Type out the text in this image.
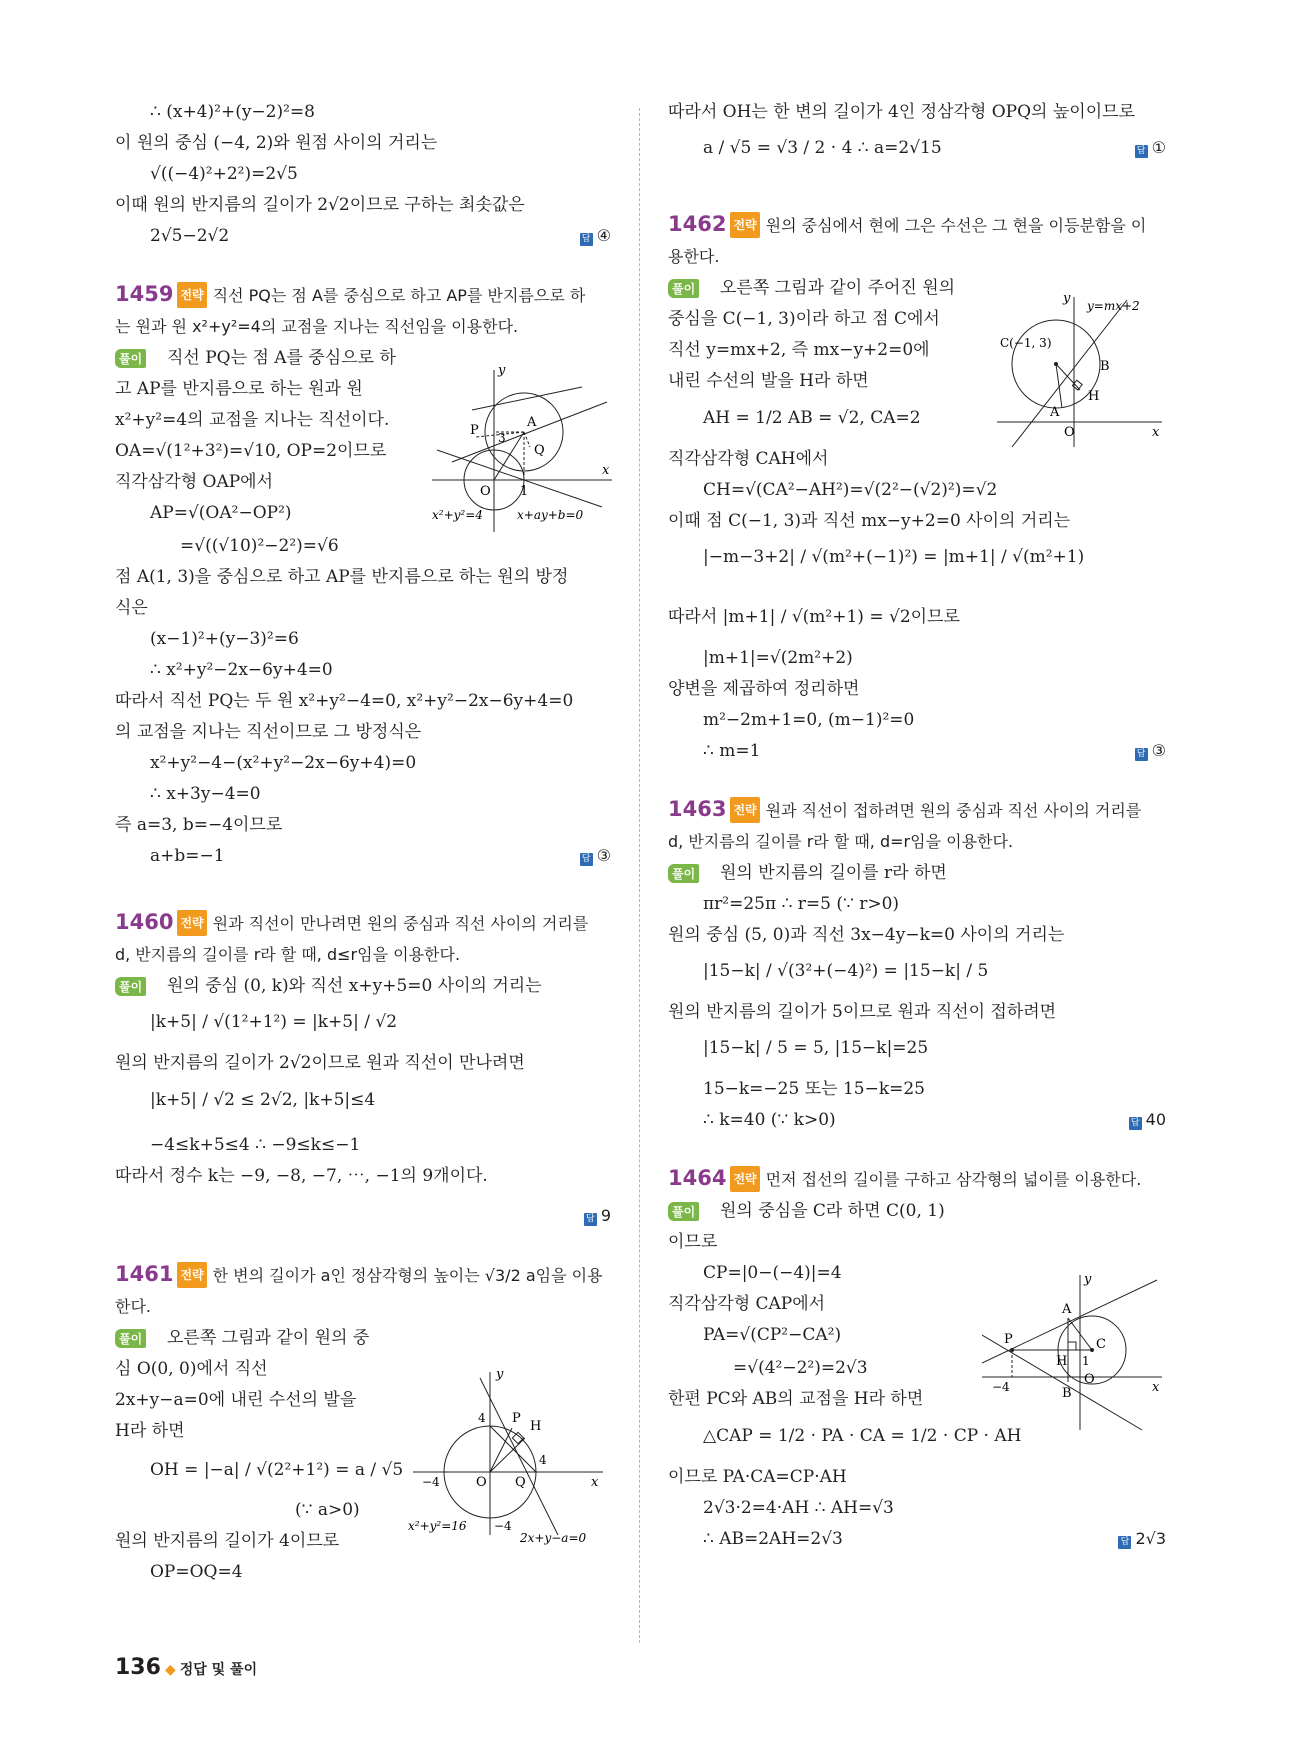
∴ (x+4)²+(y−2)²=8
이 원의 중심 (−4, 2)와 원점 사이의 거리는
√((−4)²+2²)=2√5
이때 원의 반지름의 길이가 2√2이므로 구하는 최솟값은
2√5−2√2
는 원과 원 x²+y²=4의 교점을 지나는 직선임을 이용한다.
직선 PQ는 점 A를 중심으로 하
고 AP를 반지름으로 하는 원과 원
x²+y²=4의 교점을 지나는 직선이다.
OA=√(1²+3²)=√10, OP=2이므로
직각삼각형 OAP에서
AP=√(OA²−OP²)
=√((√10)²−2²)=√6
점 A(1, 3)을 중심으로 하고 AP를 반지름으로 하는 원의 방정
식은
(x−1)²+(y−3)²=6
∴ x²+y²−2x−6y+4=0
따라서 직선 PQ는 두 원 x²+y²−4=0, x²+y²−2x−6y+4=0
의 교점을 지나는 직선이므로 그 방정식은
x²+y²−4−(x²+y²−2x−6y+4)=0
∴ x+3y−4=0
즉 a=3, b=−4이므로
a+b=−1
d, 반지름의 길이를 r라 할 때, d≤r임을 이용한다.
원의 중심 (0, k)와 직선 x+y+5=0 사이의 거리는
|k+5| / √(1²+1²) = |k+5| / √2
원의 반지름의 길이가 2√2이므로 원과 직선이 만나려면
|k+5| / √2 ≤ 2√2, |k+5|≤4
−4≤k+5≤4 ∴ −9≤k≤−1
따라서 정수 k는 −9, −8, −7, ⋯, −1의 9개이다.
한다.
오른쪽 그림과 같이 원의 중
심 O(0, 0)에서 직선
2x+y−a=0에 내린 수선의 발을
H라 하면
OH = |−a| / √(2²+1²) = a / √5
(∵ a>0)
원의 반지름의 길이가 4이므로
OP=OQ=4
1459 전략 직선 PQ는 점 A를 중심으로 하고 AP를 반지름으로 하
풀이
답 ④
1460 전략 원과 직선이 만나려면 원의 중심과 직선 사이의 거리를
풀이
답 ③
1461 전략 한 변의 길이가 a인 정삼각형의 높이는 √3/2 a임을 이용
풀이
답 9
따라서 OH는 한 변의 길이가 4인 정삼각형 OPQ의 높이이므로
a / √5 = √3 / 2 · 4 ∴ a=2√15
용한다.
오른쪽 그림과 같이 주어진 원의
중심을 C(−1, 3)이라 하고 점 C에서
직선 y=mx+2, 즉 mx−y+2=0에
내린 수선의 발을 H라 하면
AH = 1/2 AB = √2, CA=2
직각삼각형 CAH에서
CH=√(CA²−AH²)=√(2²−(√2)²)=√2
이때 점 C(−1, 3)과 직선 mx−y+2=0 사이의 거리는
|−m−3+2| / √(m²+(−1)²) = |m+1| / √(m²+1)
따라서 |m+1| / √(m²+1) = √2이므로
|m+1|=√(2m²+2)
양변을 제곱하여 정리하면
m²−2m+1=0, (m−1)²=0
∴ m=1
d, 반지름의 길이를 r라 할 때, d=r임을 이용한다.
원의 반지름의 길이를 r라 하면
πr²=25π ∴ r=5 (∵ r>0)
원의 중심 (5, 0)과 직선 3x−4y−k=0 사이의 거리는
|15−k| / √(3²+(−4)²) = |15−k| / 5
원의 반지름의 길이가 5이므로 원과 직선이 접하려면
|15−k| / 5 = 5, |15−k|=25
15−k=−25 또는 15−k=25
∴ k=40 (∵ k>0)
원의 중심을 C라 하면 C(0, 1)
이므로
CP=|0−(−4)|=4
직각삼각형 CAP에서
PA=√(CP²−CA²)
=√(4²−2²)=2√3
한편 PC와 AB의 교점을 H라 하면
△CAP = 1/2 · PA · CA = 1/2 · CP · AH
이므로 PA·CA=CP·AH
2√3·2=4·AH ∴ AH=√3
∴ AB=2AH=2√3
1462 전략 원의 중심에서 현에 그은 수선은 그 현을 이등분함을 이
풀이
답 ①
1463 전략 원과 직선이 접하려면 원의 중심과 직선 사이의 거리를
풀이
답 ③
1464 전략 먼저 접선의 길이를 구하고 삼각형의 넓이를 이용한다.
풀이
답 40
답 2√3
P
A
Q
O 1
3
x
y
x²+y²=4	x+ay+b=0
P
H
Q
O
4
−4
4
−4
x
y
x²+y²=16
2x+y−a=0
y=mx+2
C(−1, 3)
B
H
A
O	x
y
A
P
H 1
C
−4	O
B	x
y
136 ◆ 정답 및 풀이
